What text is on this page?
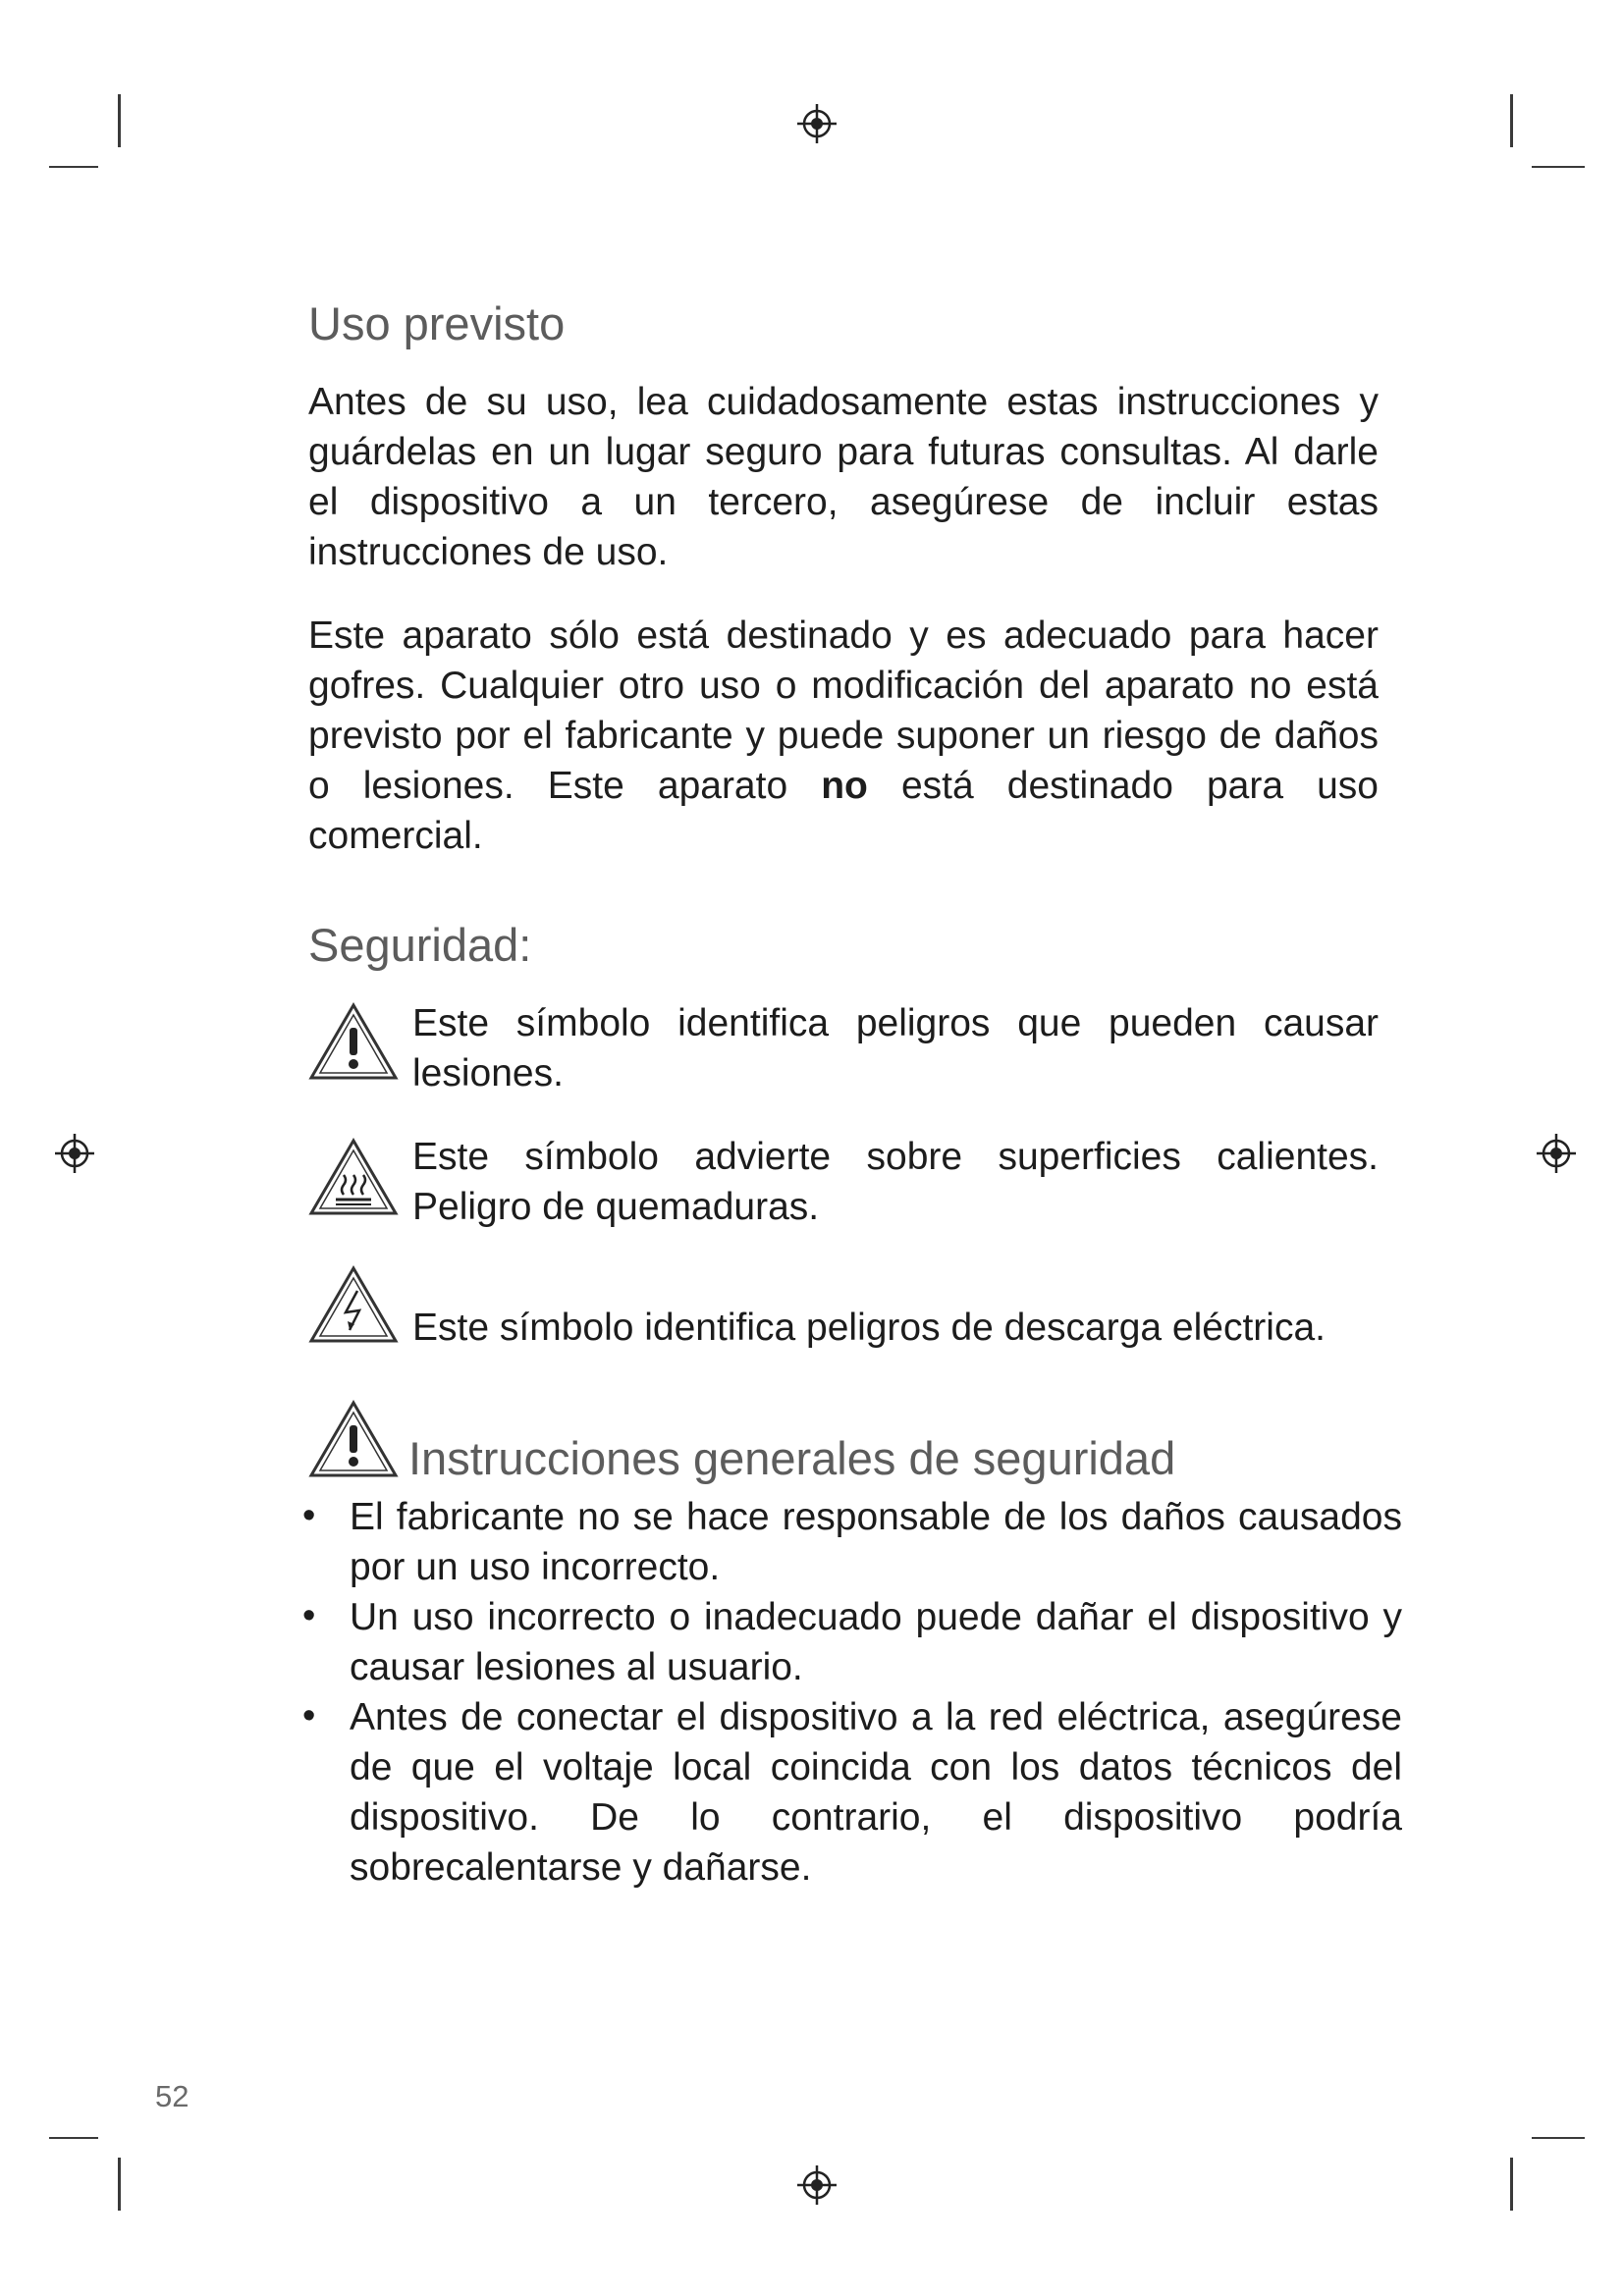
Uso previsto

Antes de su uso, lea cuidadosamente estas instrucciones y guárdelas en un lugar seguro para futuras consultas. Al darle el dispositivo a un tercero, asegúrese de incluir estas instrucciones de uso.

Este aparato sólo está destinado y es adecuado para hacer gofres. Cualquier otro uso o modificación del aparato no está previsto por el fabricante y puede suponer un riesgo de daños o lesiones. Este aparato no está destinado para uso comercial.

Seguridad:
Este símbolo identifica peligros que pueden causar lesiones.
Este símbolo advierte sobre superficies calientes. Peligro de quemaduras.
Este símbolo identifica peligros de descarga eléctrica.
Instrucciones generales de seguridad
• El fabricante no se hace responsable de los daños causados por un uso incorrecto.
• Un uso incorrecto o inadecuado puede dañar el dispositivo y causar lesiones al usuario.
• Antes de conectar el dispositivo a la red eléctrica, asegúrese de que el voltaje local coincida con los datos técnicos del dispositivo. De lo contrario, el dispositivo podría sobrecalentarse y dañarse.
52
